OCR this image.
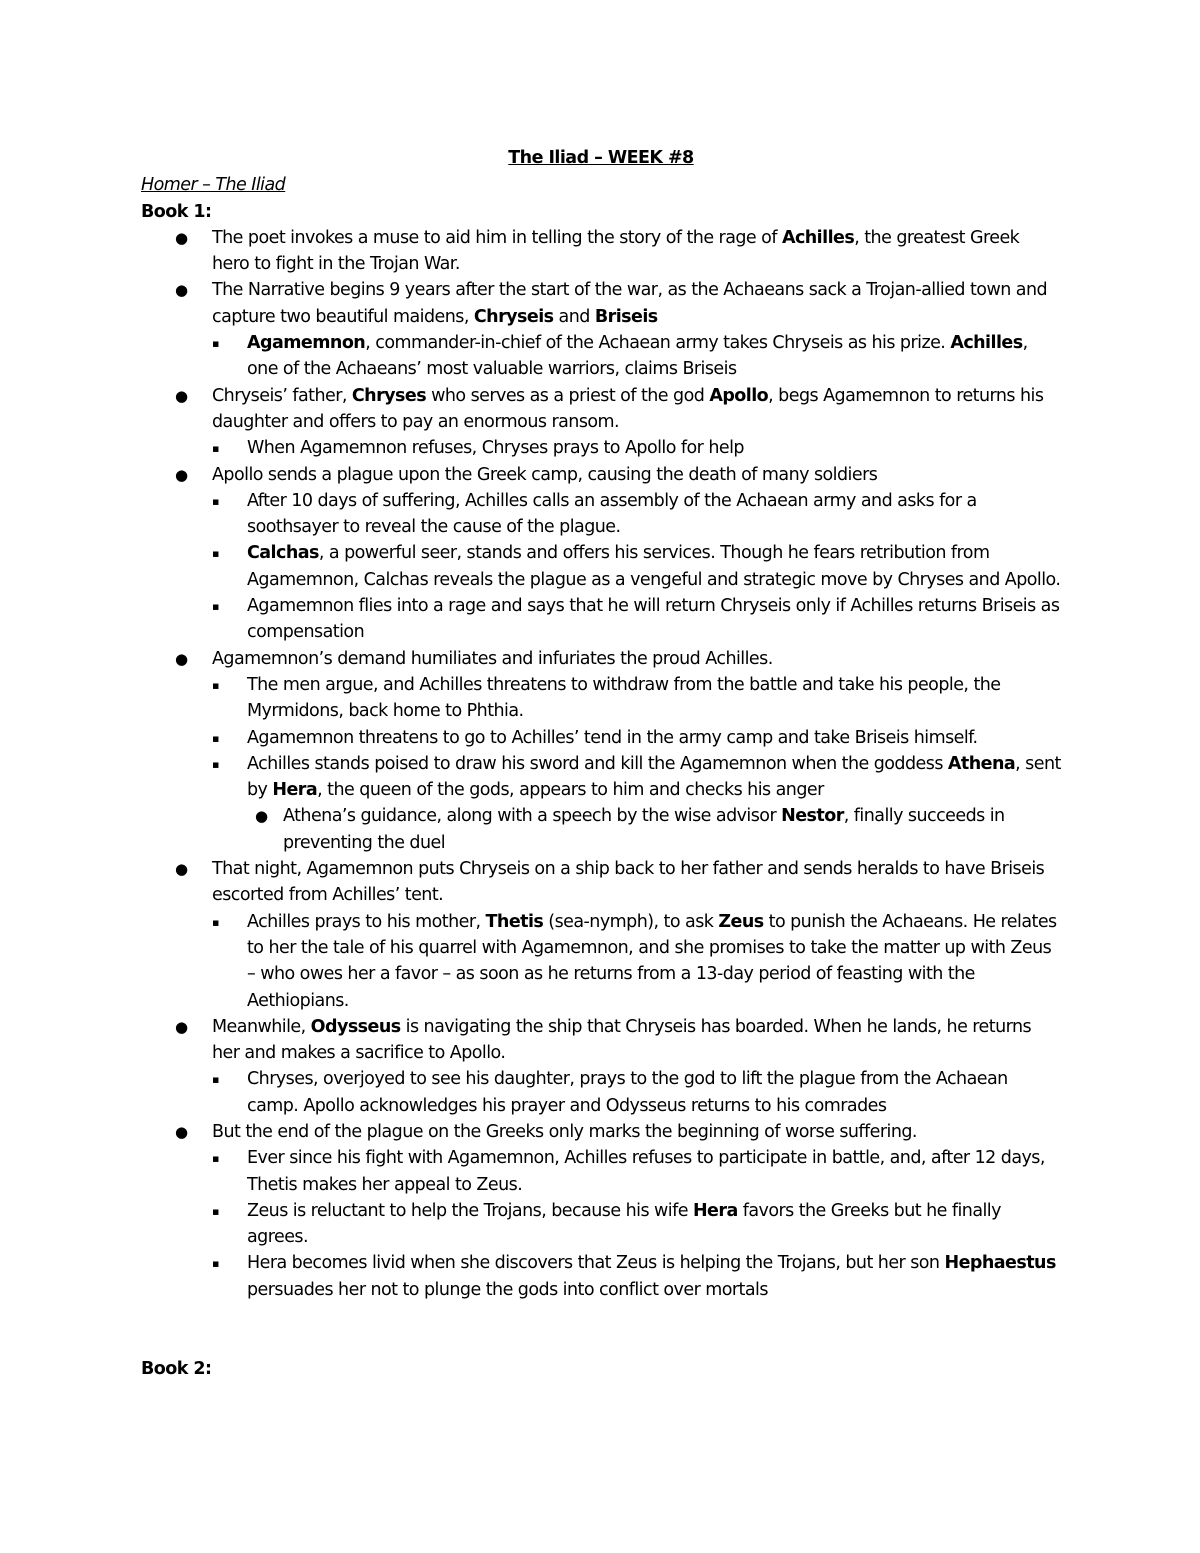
The Iliad – WEEK #8
Homer – The Iliad
Book 1:
● The poet invokes a muse to aid him in telling the story of the rage of Achilles, the greatest Greek hero to fight in the Trojan War.
● The Narrative begins 9 years after the start of the war, as the Achaeans sack a Trojan-allied town and capture two beautiful maidens, Chryseis and Briseis
▪ Agamemnon, commander-in-chief of the Achaean army takes Chryseis as his prize. Achilles, one of the Achaeans’ most valuable warriors, claims Briseis
● Chryseis’ father, Chryses who serves as a priest of the god Apollo, begs Agamemnon to returns his daughter and offers to pay an enormous ransom.
▪ When Agamemnon refuses, Chryses prays to Apollo for help
● Apollo sends a plague upon the Greek camp, causing the death of many soldiers
▪ After 10 days of suffering, Achilles calls an assembly of the Achaean army and asks for a soothsayer to reveal the cause of the plague.
▪ Calchas, a powerful seer, stands and offers his services. Though he fears retribution from Agamemnon, Calchas reveals the plague as a vengeful and strategic move by Chryses and Apollo.
▪ Agamemnon flies into a rage and says that he will return Chryseis only if Achilles returns Briseis as compensation
● Agamemnon’s demand humiliates and infuriates the proud Achilles.
▪ The men argue, and Achilles threatens to withdraw from the battle and take his people, the Myrmidons, back home to Phthia.
▪ Agamemnon threatens to go to Achilles’ tend in the army camp and take Briseis himself.
▪ Achilles stands poised to draw his sword and kill the Agamemnon when the goddess Athena, sent by Hera, the queen of the gods, appears to him and checks his anger
● Athena’s guidance, along with a speech by the wise advisor Nestor, finally succeeds in preventing the duel
● That night, Agamemnon puts Chryseis on a ship back to her father and sends heralds to have Briseis escorted from Achilles’ tent.
▪ Achilles prays to his mother, Thetis (sea-nymph), to ask Zeus to punish the Achaeans. He relates to her the tale of his quarrel with Agamemnon, and she promises to take the matter up with Zeus – who owes her a favor – as soon as he returns from a 13-day period of feasting with the Aethiopians.
● Meanwhile, Odysseus is navigating the ship that Chryseis has boarded. When he lands, he returns her and makes a sacrifice to Apollo.
▪ Chryses, overjoyed to see his daughter, prays to the god to lift the plague from the Achaean camp. Apollo acknowledges his prayer and Odysseus returns to his comrades
● But the end of the plague on the Greeks only marks the beginning of worse suffering.
▪ Ever since his fight with Agamemnon, Achilles refuses to participate in battle, and, after 12 days, Thetis makes her appeal to Zeus.
▪ Zeus is reluctant to help the Trojans, because his wife Hera favors the Greeks but he finally agrees.
▪ Hera becomes livid when she discovers that Zeus is helping the Trojans, but her son Hephaestus persuades her not to plunge the gods into conflict over mortals
Book 2:
